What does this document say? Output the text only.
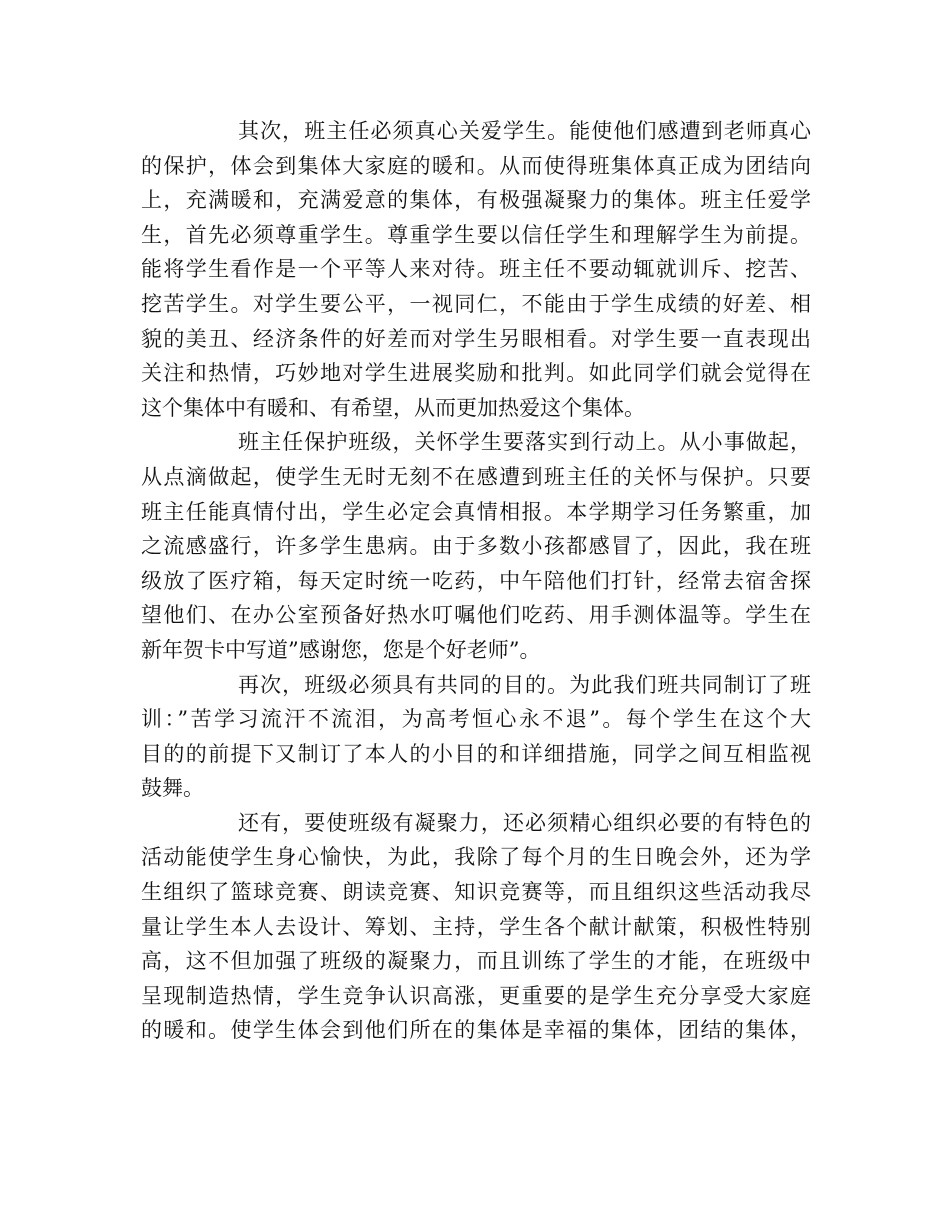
其次，班主任必须真心关爱学生。能使他们感遭到老师真心
的保护，体会到集体大家庭的暖和。从而使得班集体真正成为团结向
上，充满暖和，充满爱意的集体，有极强凝聚力的集体。班主任爱学
生，首先必须尊重学生。尊重学生要以信任学生和理解学生为前提。
能将学生看作是一个平等人来对待。班主任不要动辄就训斥、挖苦、
挖苦学生。对学生要公平，一视同仁，不能由于学生成绩的好差、相
貌的美丑、经济条件的好差而对学生另眼相看。对学生要一直表现出
关注和热情，巧妙地对学生进展奖励和批判。如此同学们就会觉得在
这个集体中有暖和、有希望，从而更加热爱这个集体。
班主任保护班级，关怀学生要落实到行动上。从小事做起，
从点滴做起，使学生无时无刻不在感遭到班主任的关怀与保护。只要
班主任能真情付出，学生必定会真情相报。本学期学习任务繁重，加
之流感盛行，许多学生患病。由于多数小孩都感冒了，因此，我在班
级放了医疗箱，每天定时统一吃药，中午陪他们打针，经常去宿舍探
望他们、在办公室预备好热水叮嘱他们吃药、用手测体温等。学生在
新年贺卡中写道”感谢您，您是个好老师”。
再次，班级必须具有共同的目的。为此我们班共同制订了班
训：”苦学习流汗不流泪，为高考恒心永不退”。每个学生在这个大
目的的前提下又制订了本人的小目的和详细措施，同学之间互相监视
鼓舞。
还有，要使班级有凝聚力，还必须精心组织必要的有特色的
活动能使学生身心愉快，为此，我除了每个月的生日晚会外，还为学
生组织了篮球竞赛、朗读竞赛、知识竞赛等，而且组织这些活动我尽
量让学生本人去设计、筹划、主持，学生各个献计献策，积极性特别
高，这不但加强了班级的凝聚力，而且训练了学生的才能，在班级中
呈现制造热情，学生竞争认识高涨，更重要的是学生充分享受大家庭
的暖和。使学生体会到他们所在的集体是幸福的集体，团结的集体，
